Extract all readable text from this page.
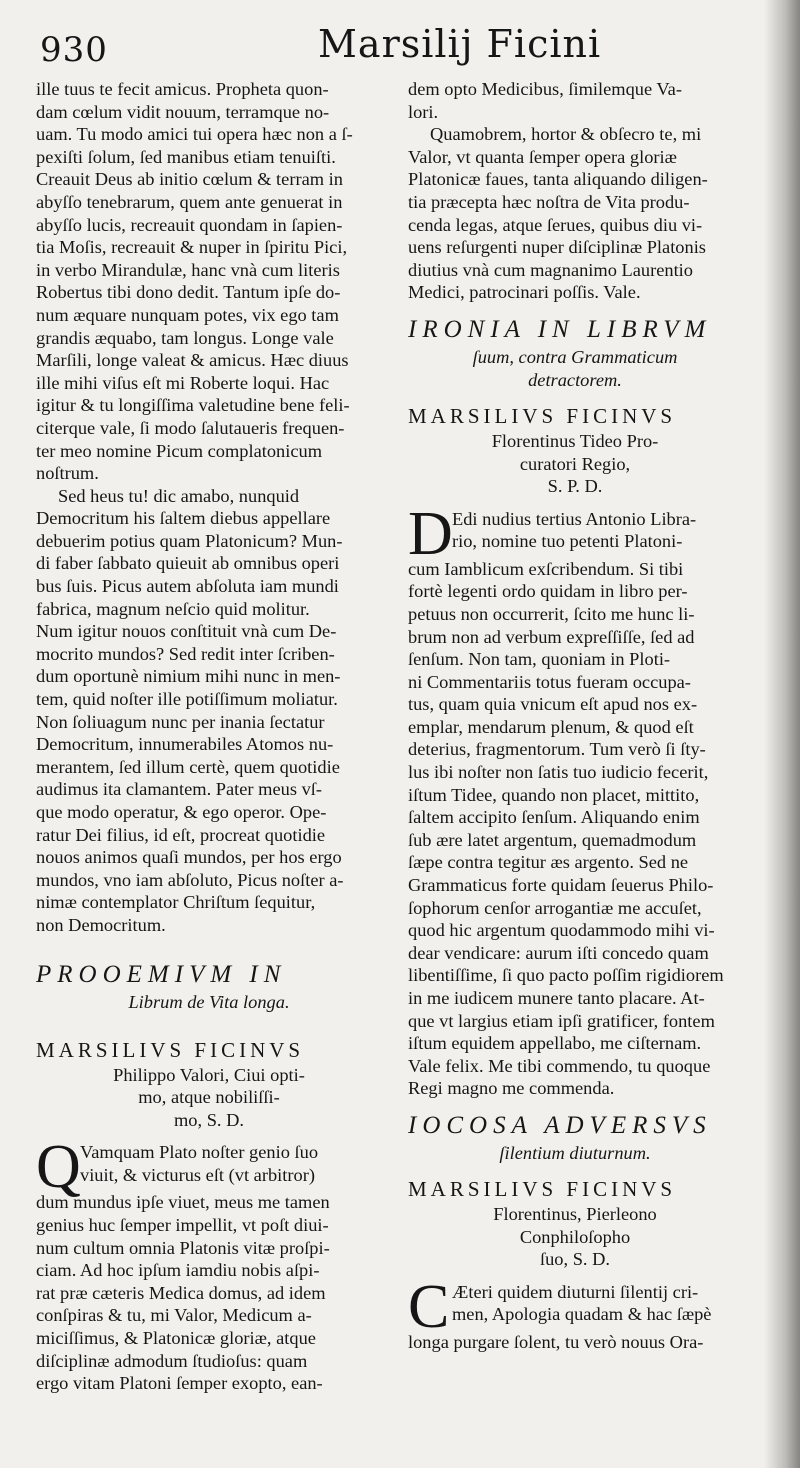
930	Marsilij Ficini
ille tuus te fecit amicus. Propheta quon-
dam cœlum vidit nouum, terramque no-
uam. Tu modo amici tui opera hæc non a ſ-
pexiſti ſolum, ſed manibus etiam tenuiſti.
Creauit Deus ab initio cœlum & terram in
abyſſo tenebrarum, quem ante genuerat in
abyſſo lucis, recreauit quondam in ſapien-
tia Moſis, recreauit & nuper in ſpiritu Pici,
in verbo Mirandulæ, hanc vnà cum literis
Robertus tibi dono dedit. Tantum ipſe do-
num æquare nunquam potes, vix ego tam
grandis æquabo, tam longus. Longe vale
Marſili, longe valeat & amicus. Hæc diuus
ille mihi viſus eſt mi Roberte loqui. Hac
igitur & tu longiſſima valetudine bene feli-
citerque vale, ſi modo ſalutaueris frequen-
ter meo nomine Picum complatonicum
noſtrum.
Sed heus tu! dic amabo, nunquid
Democritum his ſaltem diebus appellare
debuerim potius quam Platonicum? Mun-
di faber ſabbato quieuit ab omnibus operi
bus ſuis. Picus autem abſoluta iam mundi
fabrica, magnum neſcio quid molitur.
Num igitur nouos conſtituit vnà cum De-
mocrito mundos? Sed redit inter ſcriben-
dum oportunè nimium mihi nunc in men-
tem, quid noſter ille potiſſimum moliatur.
Non ſoliuagum nunc per inania ſectatur
Democritum, innumerabiles Atomos nu-
merantem, ſed illum certè, quem quotidie
audimus ita clamantem. Pater meus vſ-
que modo operatur, & ego operor. Ope-
ratur Dei filius, id eſt, procreat quotidie
nouos animos quaſi mundos, per hos ergo
mundos, vno iam abſoluto, Picus noſter a-
nimæ contemplator Chriſtum ſequitur,
non Democritum.
PROOEMIVM IN
Librum de Vita longa.
MARSILIVS FICINVS
Philippo Valori, Ciui opti-
mo, atque nobiliſſi-
mo, S. D.
Q Vamquam Plato noſter genio ſuo
viuit, & victurus eſt (vt arbitror)
dum mundus ipſe viuet, meus me tamen
genius huc ſemper impellit, vt poſt diui-
num cultum omnia Platonis vitæ proſpi-
ciam. Ad hoc ipſum iamdiu nobis aſpi-
rat præ cæteris Medica domus, ad idem
conſpiras & tu, mi Valor, Medicum a-
miciſſimus, & Platonicæ gloriæ, atque
diſciplinæ admodum ſtudioſus: quam
ergo vitam Platoni ſemper exopto, ean-
dem opto Medicibus, ſimilemque Va-
lori.
Quamobrem, hortor & obſecro te, mi
Valor, vt quanta ſemper opera gloriæ
Platonicæ faues, tanta aliquando diligen-
tia præcepta hæc noſtra de Vita produ-
cenda legas, atque ſerues, quibus diu vi-
uens reſurgenti nuper diſciplinæ Platonis
diutius vnà cum magnanimo Laurentio
Medici, patrocinari poſſis. Vale.
IRONIA IN LIBRVM
ſuum, contra Grammaticum
detractorem.
MARSILIVS FICINVS
Florentinus Tideo Pro-
curatori Regio,
S. P. D.
D Edi nudius tertius Antonio Libra-
rio, nomine tuo petenti Platoni-
cum Iamblicum exſcribendum. Si tibi
fortè legenti ordo quidam in libro per-
petuus non occurrerit, ſcito me hunc li-
brum non ad verbum expreſſiſſe, ſed ad
ſenſum. Non tam, quoniam in Ploti-
ni Commentariis totus fueram occupa-
tus, quam quia vnicum eſt apud nos ex-
emplar, mendarum plenum, & quod eſt
deterius, fragmentorum. Tum verò ſi ſty-
lus ibi noſter non ſatis tuo iudicio fecerit,
iſtum Tidee, quando non placet, mittito,
ſaltem accipito ſenſum. Aliquando enim
ſub ære latet argentum, quemadmodum
ſæpe contra tegitur æs argento. Sed ne
Grammaticus forte quidam ſeuerus Philo-
ſophorum cenſor arrogantiæ me accuſet,
quod hic argentum quodammodo mihi vi-
dear vendicare: aurum iſti concedo quam
libentiſſime, ſi quo pacto poſſim rigidiorem
in me iudicem munere tanto placare. At-
que vt largius etiam ipſi gratificer, fontem
iſtum equidem appellabo, me ciſternam.
Vale felix. Me tibi commendo, tu quoque
Regi magno me commenda.
IOCOSA ADVERSVS
ſilentium diuturnum.
MARSILIVS FICINVS
Florentinus, Pierleono
Conphiloſopho
ſuo, S. D.
C Æteri quidem diuturni ſilentij cri-
men, Apologia quadam & hac ſæpè
longa purgare ſolent, tu verò nouus Ora-
